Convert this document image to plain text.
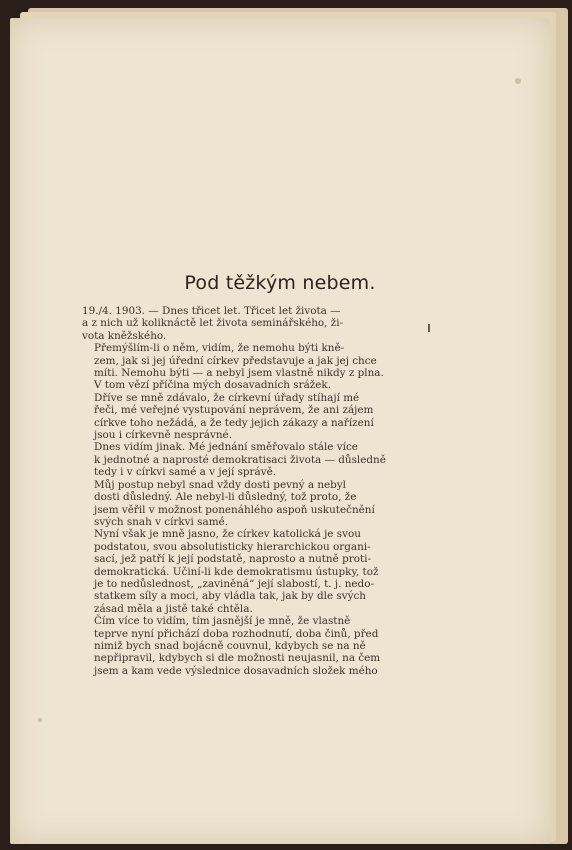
Pod těžkým nebem.
19./4. 1903. — Dnes třicet let. Třicet let života —
a z nich už koliknáctě let života seminářského, ži-
vota kněžského.
Přemýšlím-li o něm, vidím, že nemohu býti kně-
zem, jak si jej úřední církev představuje a jak jej chce
míti. Nemohu býti — a nebyl jsem vlastně nikdy z plna.
V tom vězí příčina mých dosavadních srážek.
Dříve se mně zdávalo, že církevní úřady stíhají mé
řeči, mé veřejné vystupování neprávem, že ani zájem
církve toho nežádá, a že tedy jejich zákazy a nařízení
jsou i církevně nesprávné.
Dnes vidím jinak. Mé jednání směřovalo stále více
k jednotné a naprosté demokratisaci života — důsledně
tedy i v církvi samé a v její správě.
Můj postup nebyl snad vždy dosti pevný a nebyl
dosti důsledný. Ale nebyl-li důsledný, tož proto, že
jsem věřil v možnost ponenáhlého aspoň uskutečnění
svých snah v církvi samé.
Nyní však je mně jasno, že církev katolická je svou
podstatou, svou absolutisticky hierarchickou organi-
sací, jež patří k její podstatě, naprosto a nutně proti-
demokratická. Učiní-li kde demokratismu ústupky, tož
je to nedůslednost, „zaviněná“ její slabostí, t. j. nedo-
statkem síly a moci, aby vládla tak, jak by dle svých
zásad měla a jistě také chtěla.
Čím více to vidím, tím jasnější je mně, že vlastně
teprve nyní přichází doba rozhodnutí, doba činů, před
nimiž bych snad bojácně couvnul, kdybych se na ně
nepřipravil, kdybych si dle možnosti neujasnil, na čem
jsem a kam vede výslednice dosavadních složek mého
